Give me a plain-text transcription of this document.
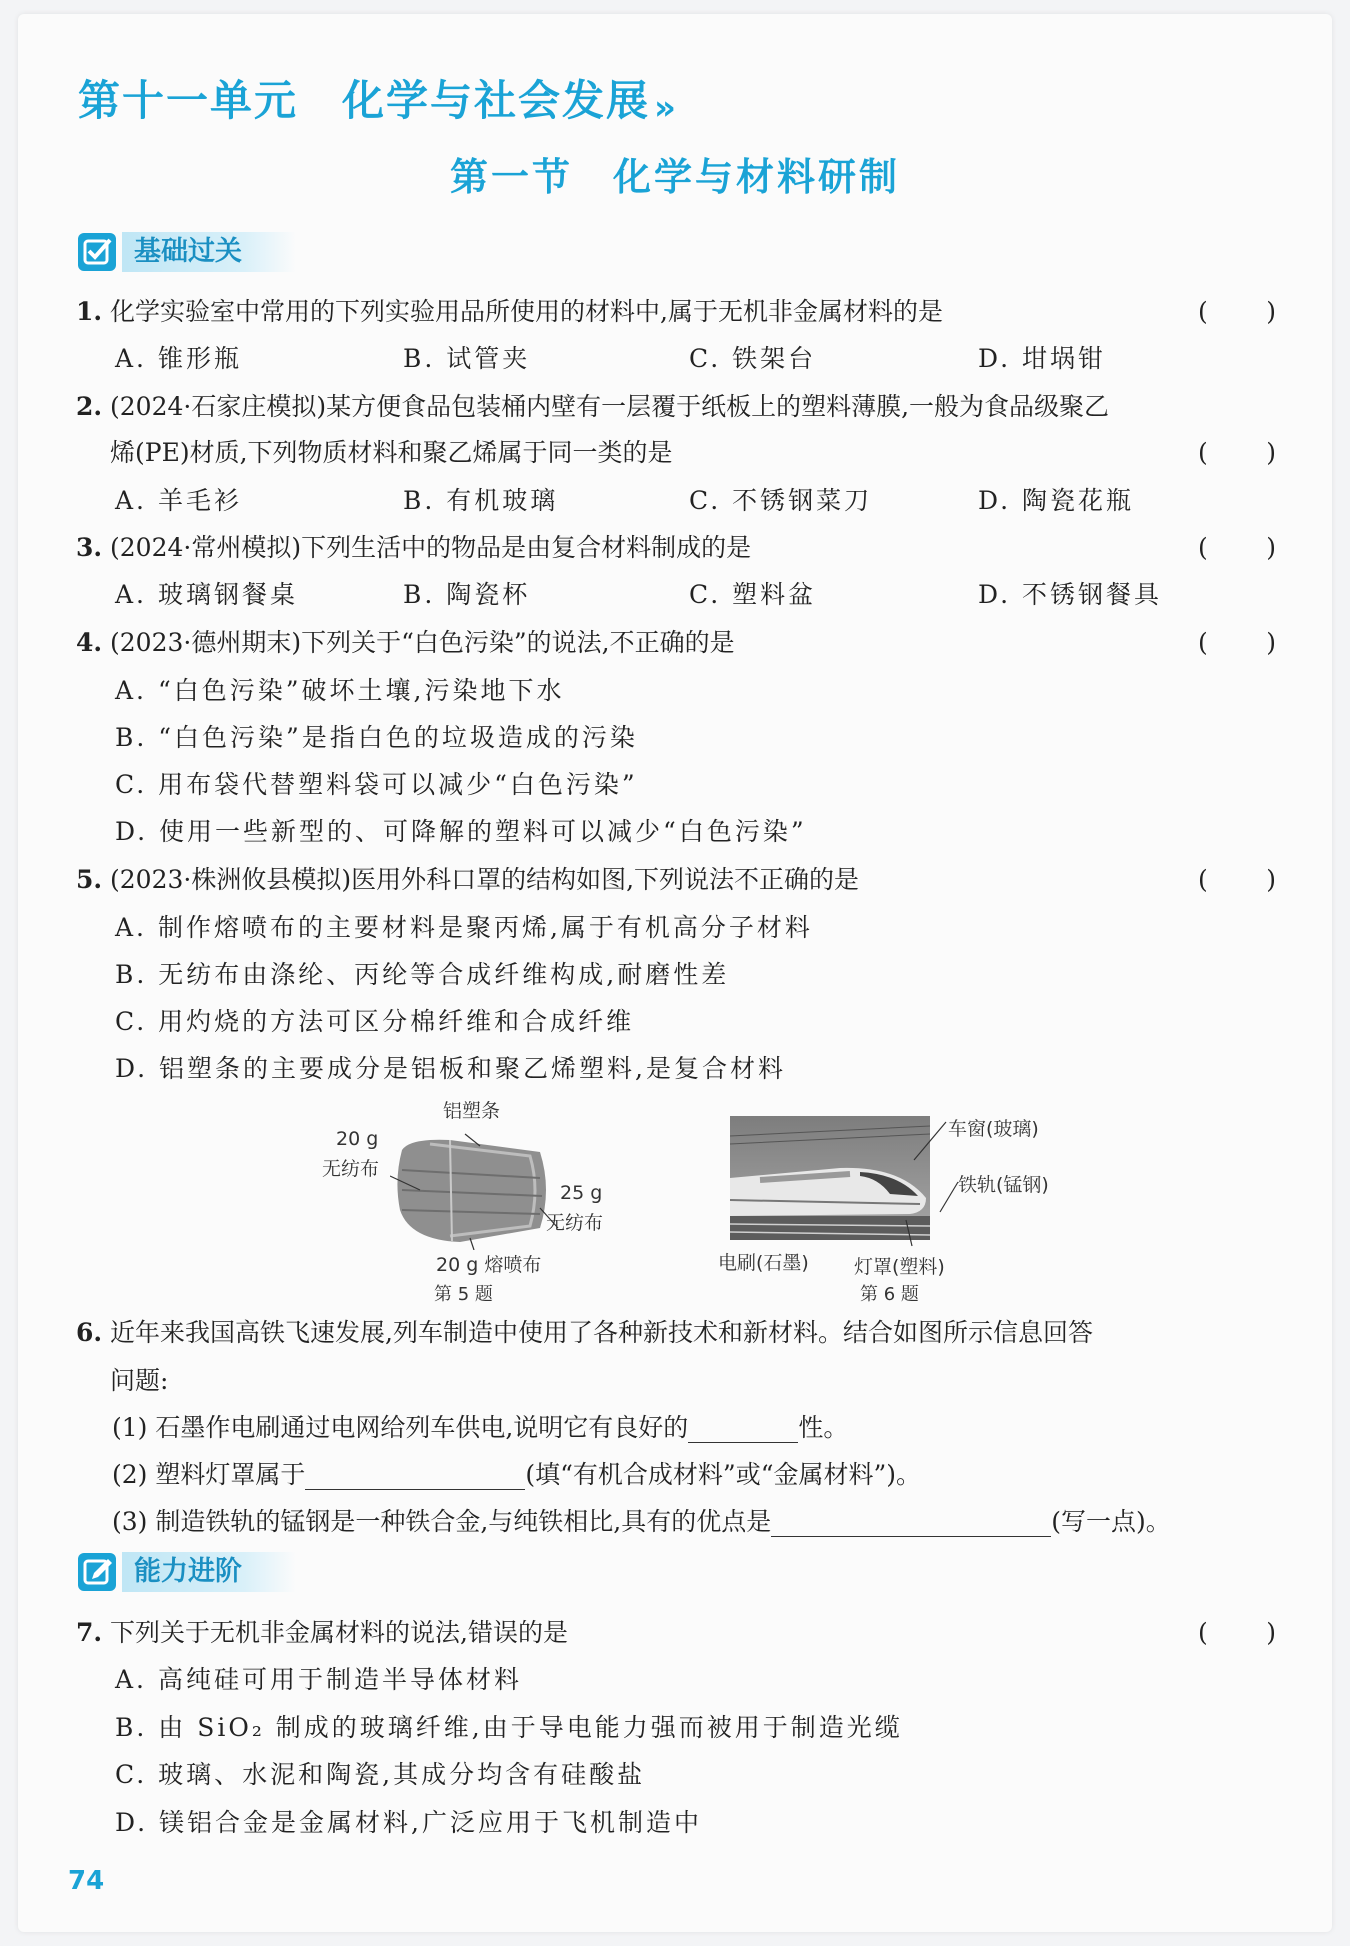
第十一单元 化学与社会发展 »
第一节 化学与材料研制
基础过关
1. 化学实验室中常用的下列实验用品所使用的材料中,属于无机非金属材料的是	( )
A. 锥形瓶	B. 试管夹	C. 铁架台	D. 坩埚钳
2. (2024·石家庄模拟)某方便食品包装桶内壁有一层覆于纸板上的塑料薄膜,一般为食品级聚乙
烯(PE)材质,下列物质材料和聚乙烯属于同一类的是	( )
A. 羊毛衫	B. 有机玻璃	C. 不锈钢菜刀	D. 陶瓷花瓶
3. (2024·常州模拟)下列生活中的物品是由复合材料制成的是	( )
A. 玻璃钢餐桌	B. 陶瓷杯	C. 塑料盆	D. 不锈钢餐具
4. (2023·德州期末)下列关于“白色污染”的说法,不正确的是	( )
A. “白色污染”破坏土壤,污染地下水
B. “白色污染”是指白色的垃圾造成的污染
C. 用布袋代替塑料袋可以减少“白色污染”
D. 使用一些新型的、可降解的塑料可以减少“白色污染”
5. (2023·株洲攸县模拟)医用外科口罩的结构如图,下列说法不正确的是	( )
A. 制作熔喷布的主要材料是聚丙烯,属于有机高分子材料
B. 无纺布由涤纶、丙纶等合成纤维构成,耐磨性差
C. 用灼烧的方法可区分棉纤维和合成纤维
D. 铝塑条的主要成分是铝板和聚乙烯塑料,是复合材料
铝塑条
20 g
无纺布
25 g
无纺布
20 g 熔喷布
第 5 题
车窗(玻璃)
铁轨(锰钢)
电刷(石墨) 灯罩(塑料)
第 6 题
6. 近年来我国高铁飞速发展,列车制造中使用了各种新技术和新材料。结合如图所示信息回答
问题:
(1) 石墨作电刷通过电网给列车供电,说明它有良好的	性。
(2) 塑料灯罩属于	(填“有机合成材料”或“金属材料”)。
(3) 制造铁轨的锰钢是一种铁合金,与纯铁相比,具有的优点是	(写一点)。
能力进阶
7. 下列关于无机非金属材料的说法,错误的是	( )
A. 高纯硅可用于制造半导体材料
B. 由 SiO₂ 制成的玻璃纤维,由于导电能力强而被用于制造光缆
C. 玻璃、水泥和陶瓷,其成分均含有硅酸盐
D. 镁铝合金是金属材料,广泛应用于飞机制造中
74
